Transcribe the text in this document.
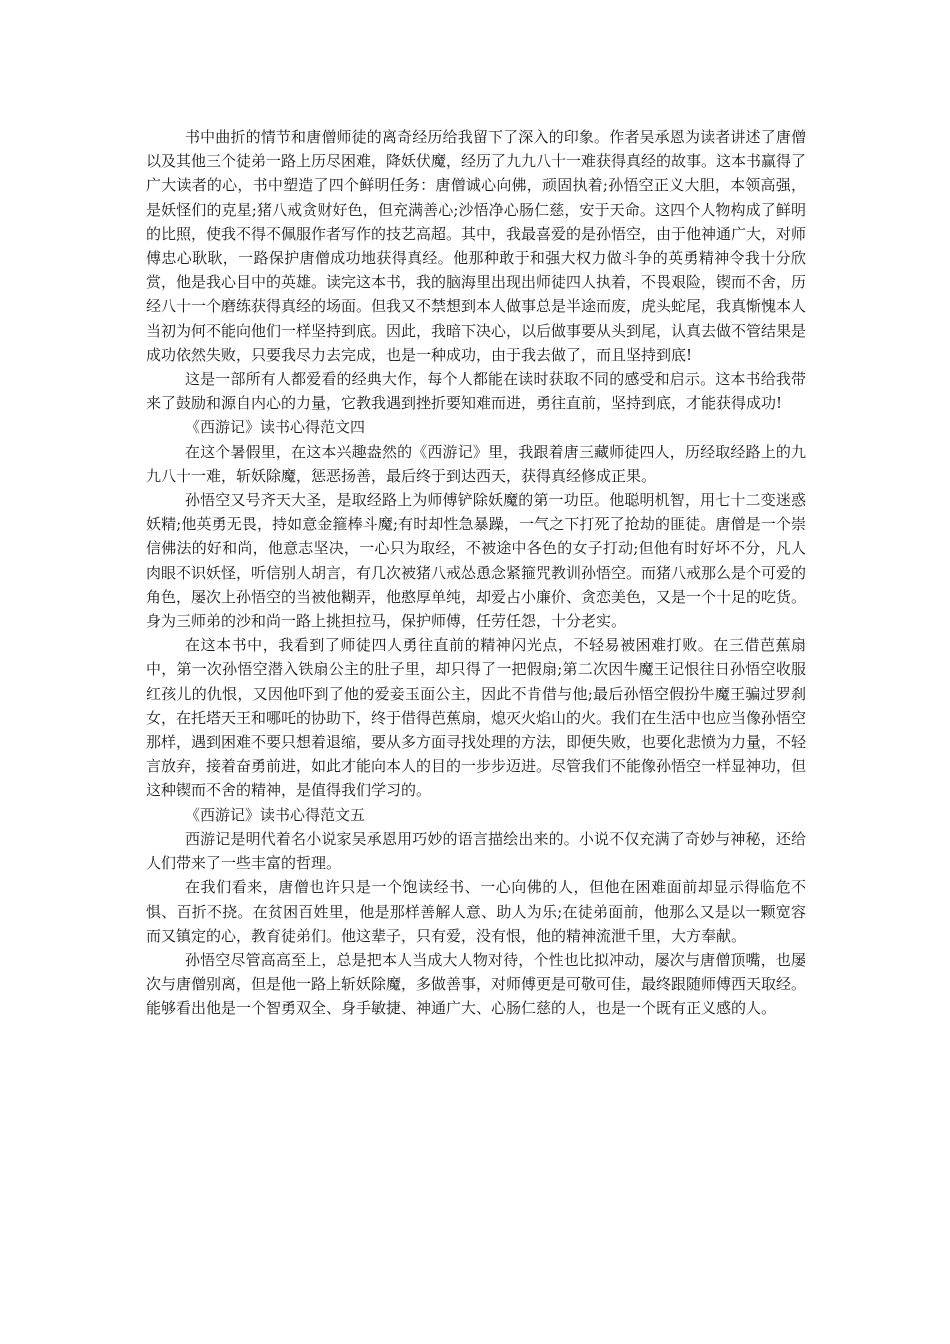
书中曲折的情节和唐僧师徒的离奇经历给我留下了深入的印象。作者吴承恩为读者讲述了唐僧以及其他三个徒弟一路上历尽困难，降妖伏魔，经历了九九八十一难获得真经的故事。这本书赢得了广大读者的心，书中塑造了四个鲜明任务：唐僧诚心向佛，顽固执着;孙悟空正义大胆，本领高强，是妖怪们的克星;猪八戒贪财好色，但充满善心;沙悟净心肠仁慈，安于天命。这四个人物构成了鲜明的比照，使我不得不佩服作者写作的技艺高超。其中，我最喜爱的是孙悟空，由于他神通广大，对师傅忠心耿耿，一路保护唐僧成功地获得真经。他那种敢于和强大权力做斗争的英勇精神令我十分欣赏，他是我心目中的英雄。读完这本书，我的脑海里出现出师徒四人执着，不畏艰险，锲而不舍，历经八十一个磨练获得真经的场面。但我又不禁想到本人做事总是半途而废，虎头蛇尾，我真惭愧本人当初为何不能向他们一样坚持到底。因此，我暗下决心，以后做事要从头到尾，认真去做不管结果是成功依然失败，只要我尽力去完成，也是一种成功，由于我去做了，而且坚持到底!

这是一部所有人都爱看的经典大作，每个人都能在读时获取不同的感受和启示。这本书给我带来了鼓励和源自内心的力量，它教我遇到挫折要知难而进，勇往直前，坚持到底，才能获得成功!

《西游记》读书心得范文四

在这个暑假里，在这本兴趣盎然的《西游记》里，我跟着唐三藏师徒四人，历经取经路上的九九八十一难，斩妖除魔，惩恶扬善，最后终于到达西天，获得真经修成正果。

孙悟空又号齐天大圣，是取经路上为师傅铲除妖魔的第一功臣。他聪明机智，用七十二变迷惑妖精;他英勇无畏，持如意金箍棒斗魔;有时却性急暴躁，一气之下打死了抢劫的匪徒。唐僧是一个崇信佛法的好和尚，他意志坚决，一心只为取经，不被途中各色的女子打动;但他有时好坏不分，凡人肉眼不识妖怪，听信别人胡言，有几次被猪八戒怂恿念紧箍咒教训孙悟空。而猪八戒那么是个可爱的角色，屡次上孙悟空的当被他糊弄，他憨厚单纯，却爱占小廉价、贪恋美色，又是一个十足的吃货。身为三师弟的沙和尚一路上挑担拉马，保护师傅，任劳任怨，十分老实。

在这本书中，我看到了师徒四人勇往直前的精神闪光点，不轻易被困难打败。在三借芭蕉扇中，第一次孙悟空潜入铁扇公主的肚子里，却只得了一把假扇;第二次因牛魔王记恨往日孙悟空收服红孩儿的仇恨，又因他吓到了他的爱妾玉面公主，因此不肯借与他;最后孙悟空假扮牛魔王骗过罗刹女，在托塔天王和哪吒的协助下，终于借得芭蕉扇，熄灭火焰山的火。我们在生活中也应当像孙悟空那样，遇到困难不要只想着退缩，要从多方面寻找处理的方法，即便失败，也要化悲愤为力量，不轻言放弃，接着奋勇前进，如此才能向本人的目的一步步迈进。尽管我们不能像孙悟空一样显神功，但这种锲而不舍的精神，是值得我们学习的。

《西游记》读书心得范文五

西游记是明代着名小说家吴承恩用巧妙的语言描绘出来的。小说不仅充满了奇妙与神秘，还给人们带来了一些丰富的哲理。

在我们看来，唐僧也许只是一个饱读经书、一心向佛的人，但他在困难面前却显示得临危不惧、百折不挠。在贫困百姓里，他是那样善解人意、助人为乐;在徒弟面前，他那么又是以一颗宽容而又镇定的心，教育徒弟们。他这辈子，只有爱，没有恨，他的精神流泄千里，大方奉献。

孙悟空尽管高高至上，总是把本人当成大人物对待，个性也比拟冲动，屡次与唐僧顶嘴，也屡次与唐僧别离，但是他一路上斩妖除魔，多做善事，对师傅更是可敬可佳，最终跟随师傅西天取经。能够看出他是一个智勇双全、身手敏捷、神通广大、心肠仁慈的人，也是一个既有正义感的人。
